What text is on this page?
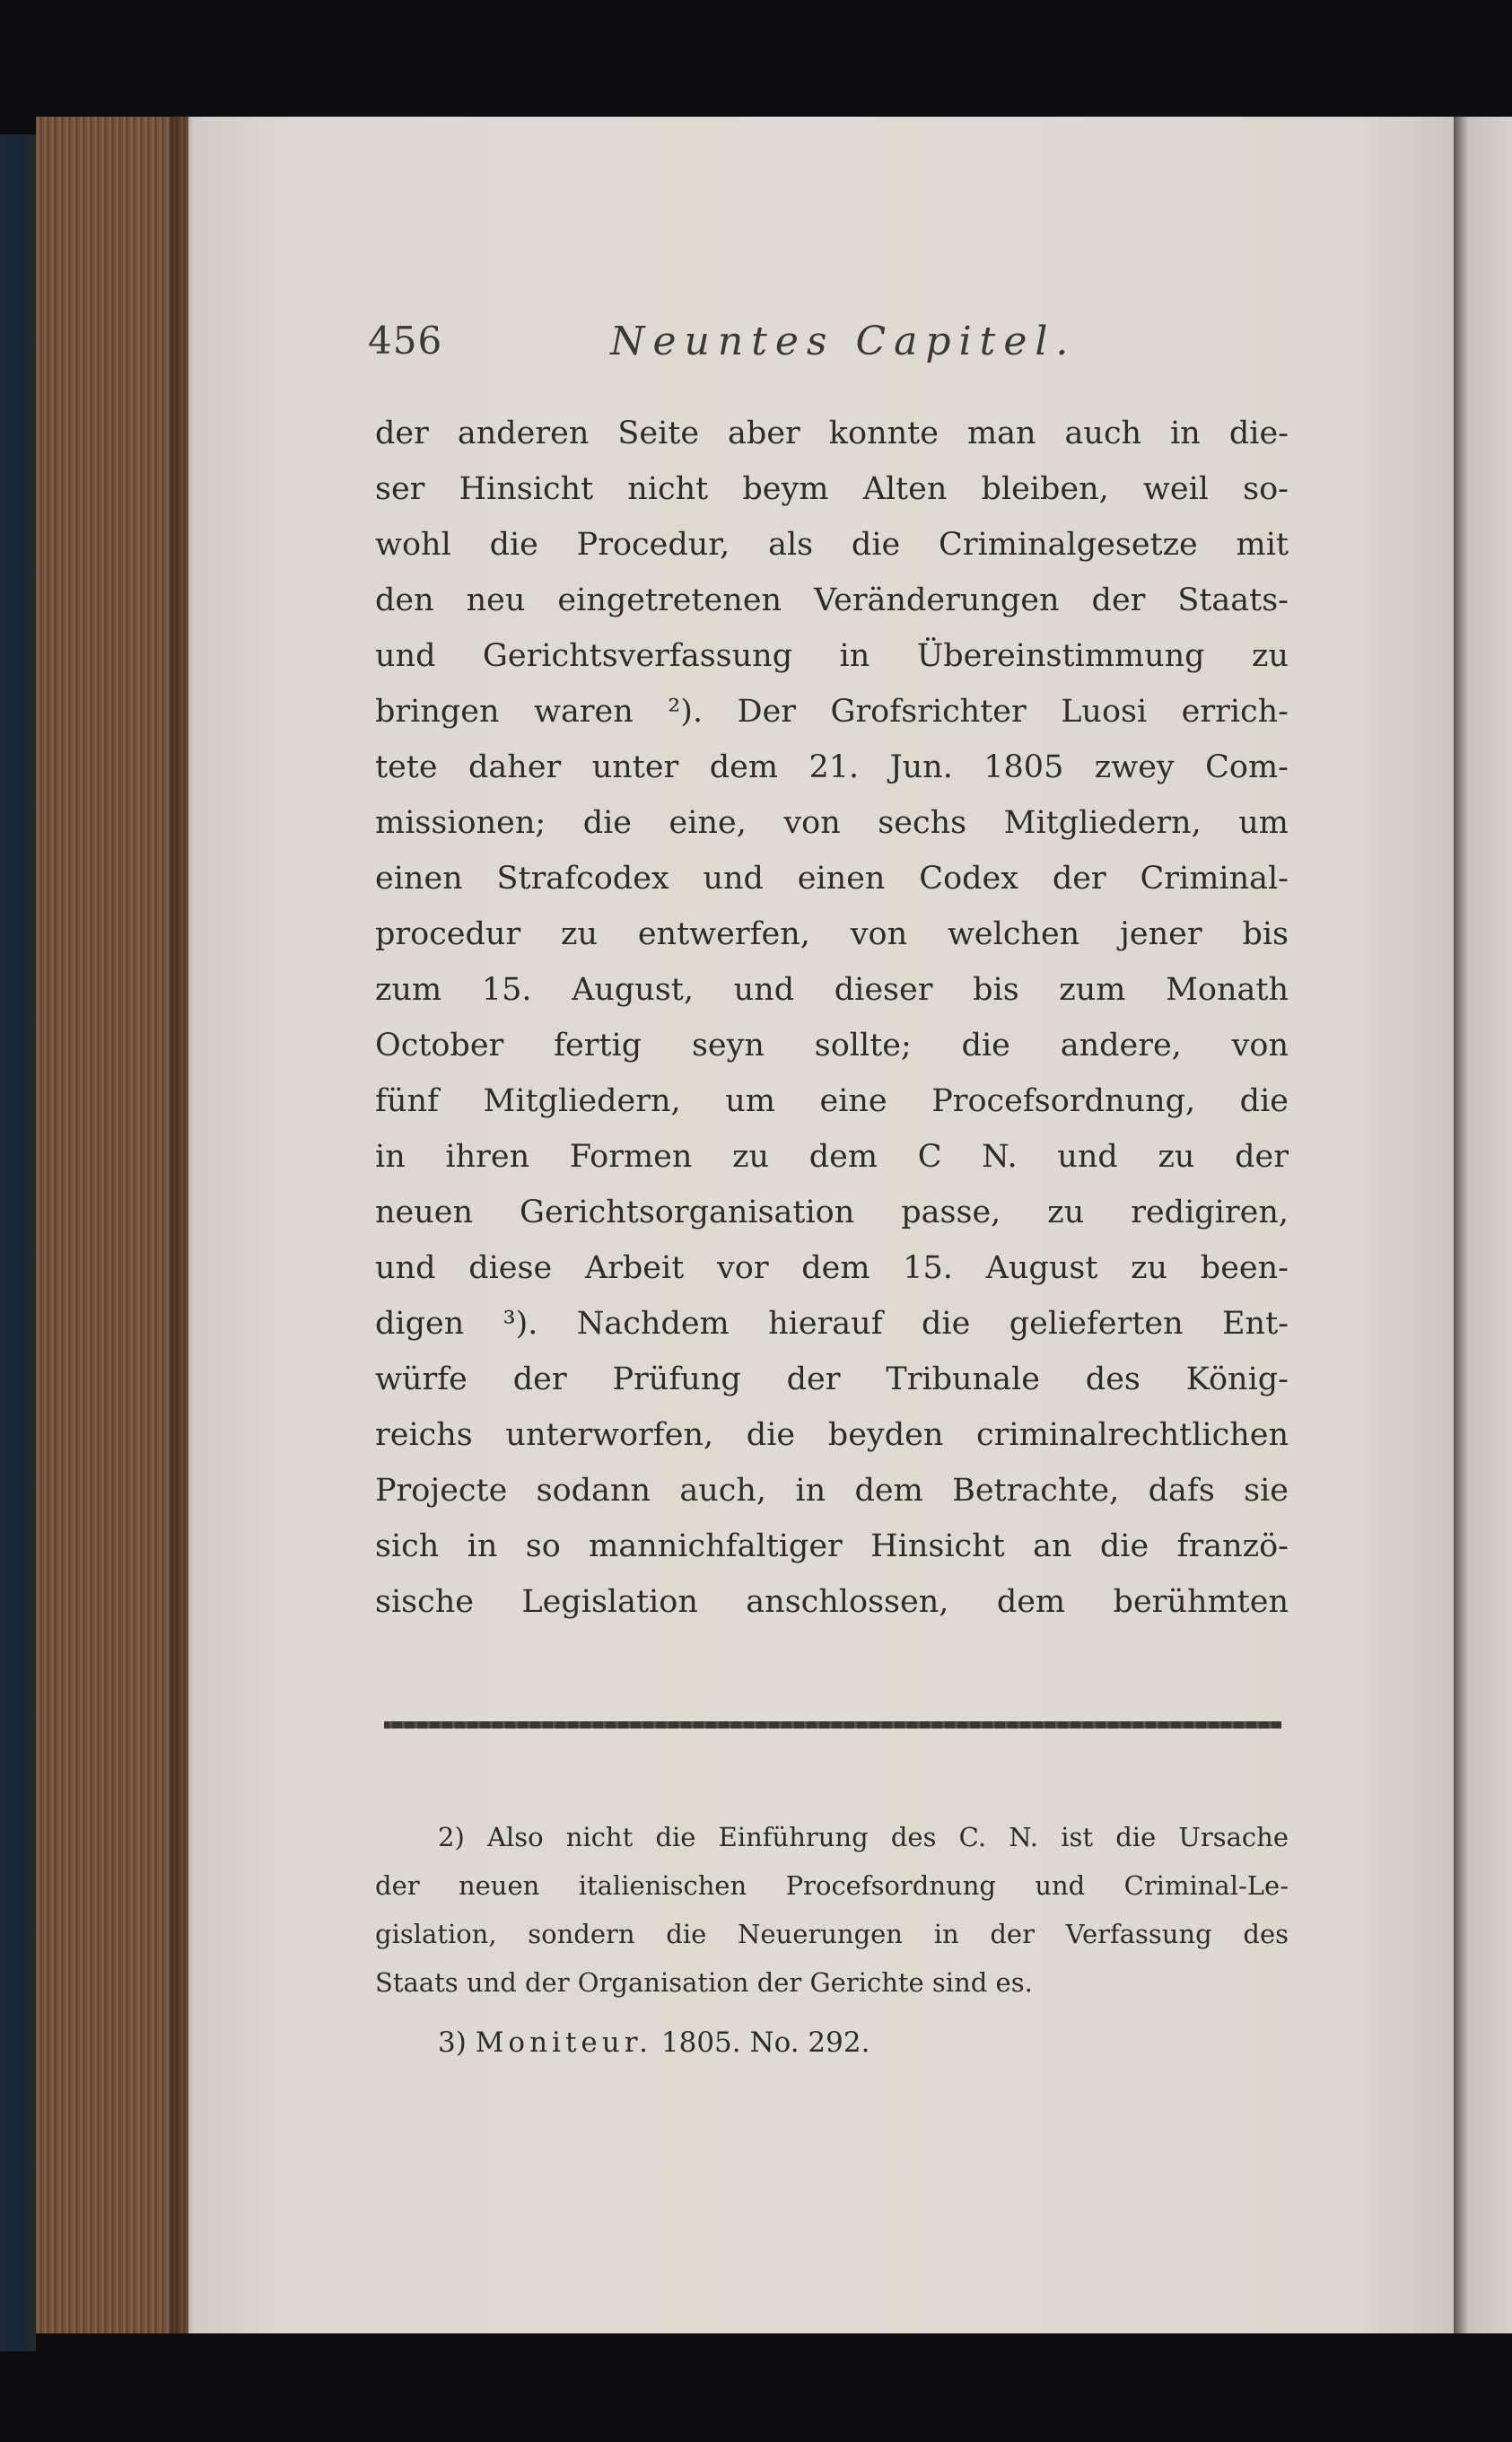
456	Neuntes Capitel.
der anderen Seite aber konnte man auch in die-
ser Hinsicht nicht beym Alten bleiben, weil so-
wohl die Procedur, als die Criminalgesetze mit
den neu eingetretenen Veränderungen der Staats-
und Gerichtsverfassung in Übereinstimmung zu
bringen waren ²). Der Grofsrichter Luosi errich-
tete daher unter dem 21. Jun. 1805 zwey Com-
missionen; die eine, von sechs Mitgliedern, um
einen Strafcodex und einen Codex der Criminal-
procedur zu entwerfen, von welchen jener bis
zum 15. August, und dieser bis zum Monath
October fertig seyn sollte; die andere, von
fünf Mitgliedern, um eine Procefsordnung, die
in ihren Formen zu dem C N. und zu der
neuen Gerichtsorganisation passe, zu redigiren,
und diese Arbeit vor dem 15. August zu been-
digen ³). Nachdem hierauf die gelieferten Ent-
würfe der Prüfung der Tribunale des König-
reichs unterworfen, die beyden criminalrechtlichen
Projecte sodann auch, in dem Betrachte, dafs sie
sich in so mannichfaltiger Hinsicht an die franzö-
sische Legislation anschlossen, dem berühmten
2) Also nicht die Einführung des C. N. ist die Ursache
der neuen italienischen Procefsordnung und Criminal-Le-
gislation, sondern die Neuerungen in der Verfassung des
Staats und der Organisation der Gerichte sind es.
3) Moniteur. 1805. No. 292.
